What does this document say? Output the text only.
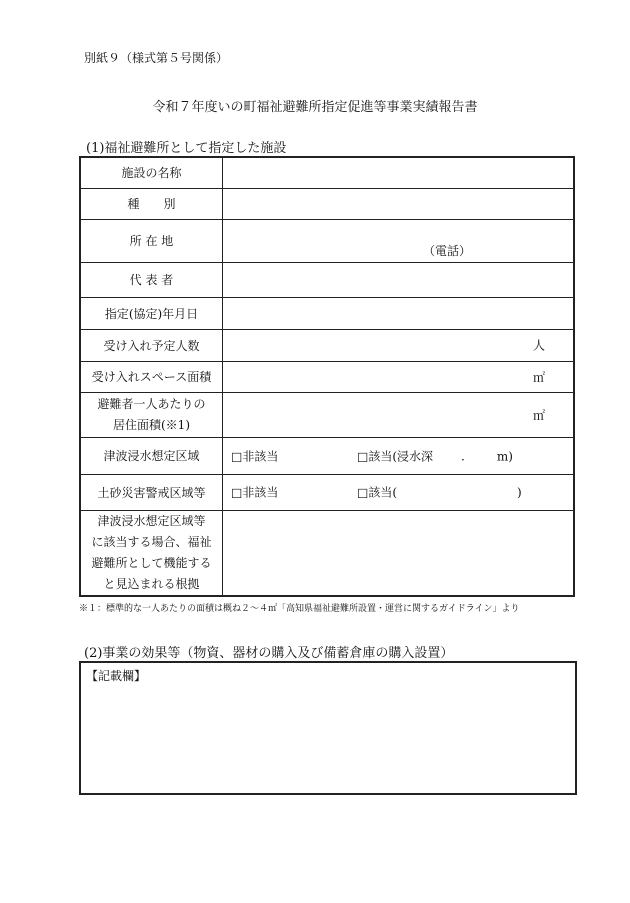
別紙９（様式第５号関係）
令和７年度いの町福祉避難所指定促進等事業実績報告書
(1)福祉避難所として指定した施設
施設の名称	
種　　別	
所 在 地	（電話）

代 表 者	
指定(協定)年月日	
受け入れ予定人数	人

受け入れスペース面積	㎡

避難者一人あたりの
居住面積(※1)	㎡

津波浸水想定区域	□非該当 □該当(浸水深 . m)

土砂災害警戒区域等	□非該当 □該当( )

津波浸水想定区域等
に該当する場合、福祉
避難所として機能する
と見込まれる根拠	

※１：標準的な一人あたりの面積は概ね２～４㎡「高知県福祉避難所設置・運営に関するガイドライン」より
(2)事業の効果等（物資、器材の購入及び備蓄倉庫の購入設置）
【記載欄】
